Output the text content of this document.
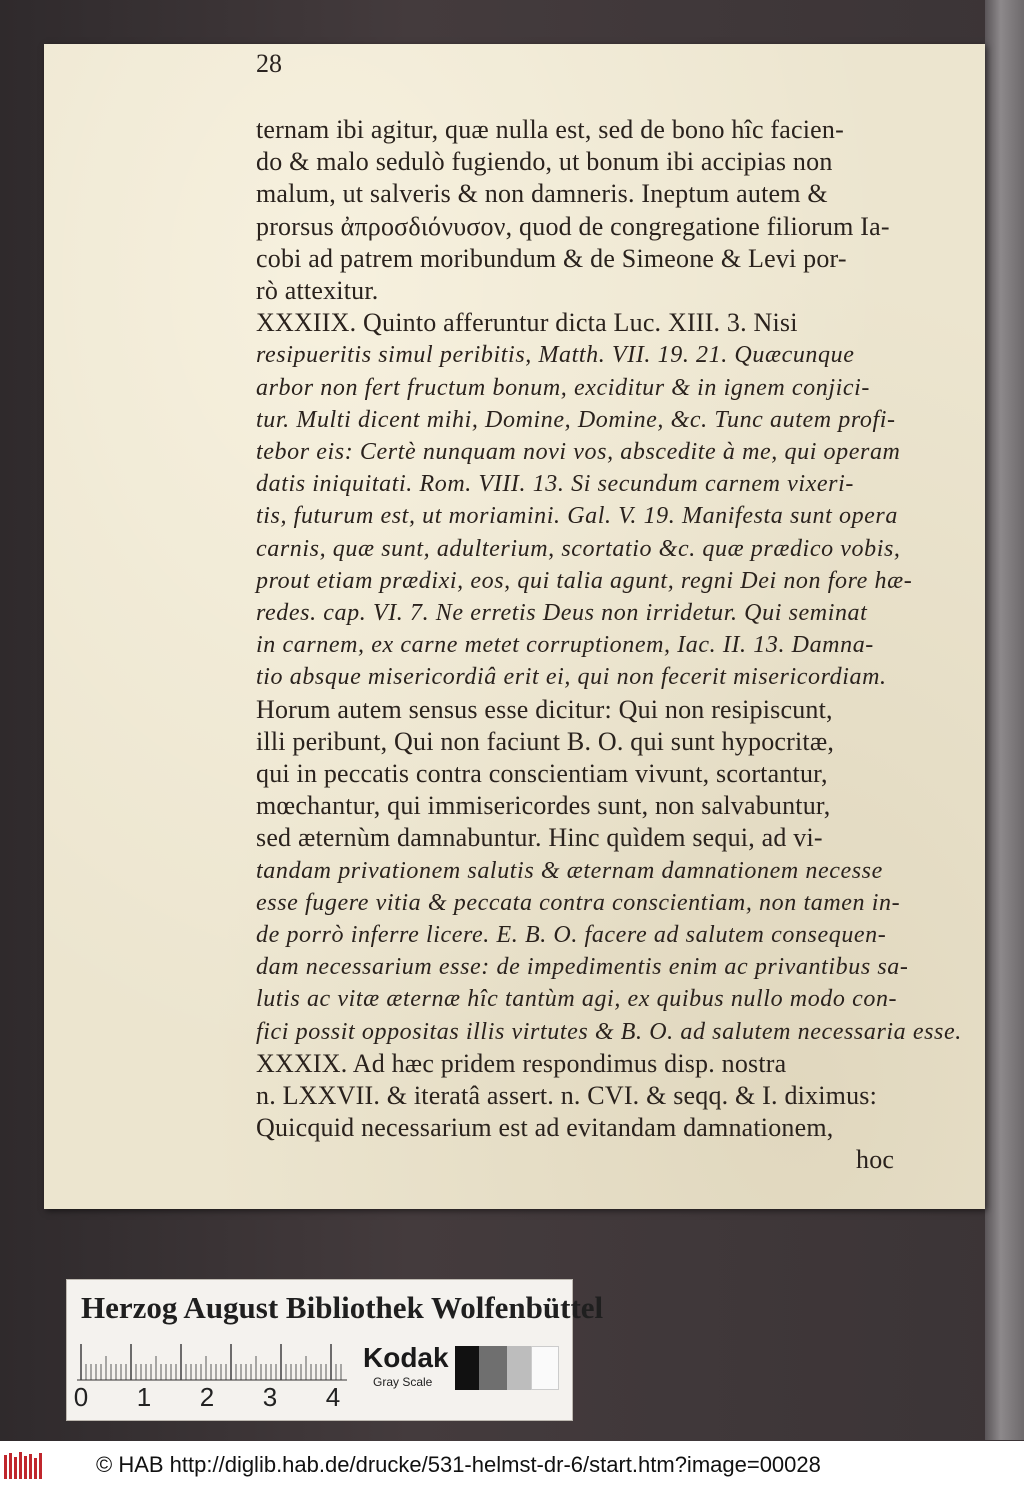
28

ternam ibi agitur, quæ nulla est, sed de bono hîc facien-
do & malo sedulò fugiendo, ut bonum ibi accipias non
malum, ut salveris & non damneris. Ineptum autem &
prorsus ἀπροσδιόνυσον, quod de congregatione filiorum Ia-
cobi ad patrem moribundum & de Simeone & Levi por-
rò attexitur.
XXXIIX. Quinto afferuntur dicta Luc. XIII. 3. Nisi
resipueritis simul peribitis, Matth. VII. 19. 21. Quæcunque
arbor non fert fructum bonum, exciditur & in ignem conjici-
tur. Multi dicent mihi, Domine, Domine, &c. Tunc autem profi-
tebor eis: Certè nunquam novi vos, abscedite à me, qui operam
datis iniquitati. Rom. VIII. 13. Si secundum carnem vixeri-
tis, futurum est, ut moriamini. Gal. V. 19. Manifesta sunt opera
carnis, quæ sunt, adulterium, scortatio &c. quæ prædico vobis,
prout etiam prædixi, eos, qui talia agunt, regni Dei non fore hæ-
redes. cap. VI. 7. Ne erretis Deus non irridetur. Qui seminat
in carnem, ex carne metet corruptionem, Iac. II. 13. Damna-
tio absque misericordiâ erit ei, qui non fecerit misericordiam.
Horum autem sensus esse dicitur: Qui non resipiscunt,
illi peribunt, Qui non faciunt B. O. qui sunt hypocritæ,
qui in peccatis contra conscientiam vivunt, scortantur,
mœchantur, qui immisericordes sunt, non salvabuntur,
sed æternùm damnabuntur. Hinc quìdem sequi, ad vi-
tandam privationem salutis & æternam damnationem necesse
esse fugere vitia & peccata contra conscientiam, non tamen in-
de porrò inferre licere. E. B. O. facere ad salutem consequen-
dam necessarium esse: de impedimentis enim ac privantibus sa-
lutis ac vitæ æternæ hîc tantùm agi, ex quibus nullo modo con-
fici possit oppositas illis virtutes & B. O. ad salutem necessaria esse.
XXXIX. Ad hæc pridem respondimus disp. nostra
n. LXXVII. & iteratâ assert. n. CVI. & seqq. & I. diximus:
Quicquid necessarium est ad evitandam damnationem,
hoc

Herzog August Bibliothek Wolfenbüttel

0 1 2 3 4
Kodak
Gray Scale
© HAB http://diglib.hab.de/drucke/531-helmst-dr-6/start.htm?image=00028
